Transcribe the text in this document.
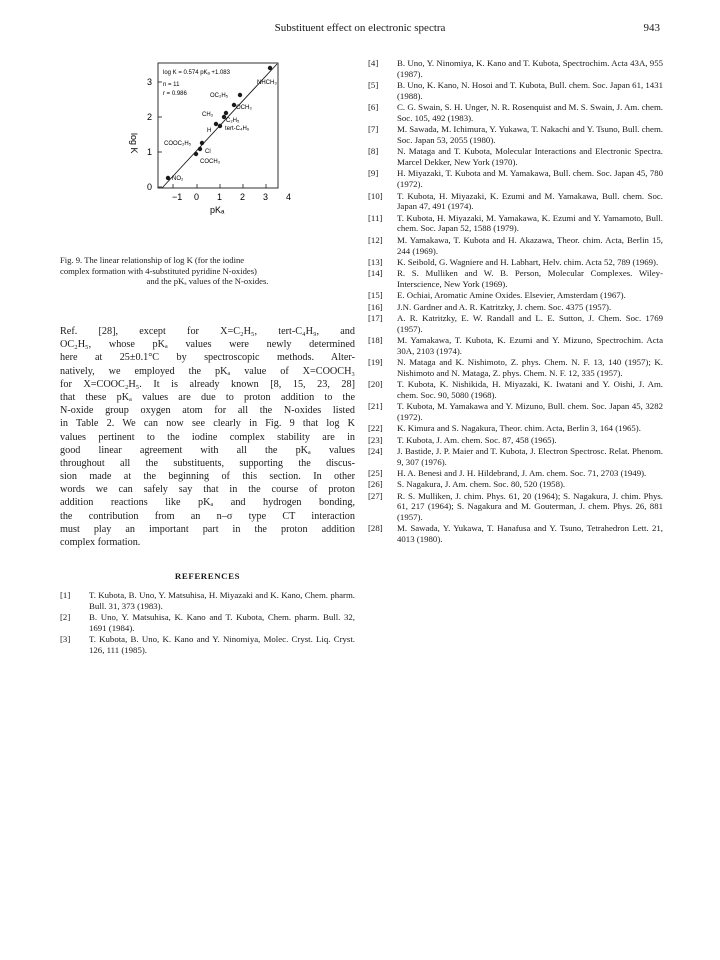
Substituent effect on electronic spectra	943
3
2
1
0
log K
−1 0 1 2 3 4
pKₐ
log K = 0.574 pKₐ +1.083
n = 11
r = 0.986
NHCH₃
OC₂H₅
OCH₃
CH₃
C₂H₅
H tert-C₄H₉
COOC₂H₅
Cl
COCH₃
NO₂
Fig. 9. The linear relationship of log K (for the iodine
complex formation with 4-substituted pyridine N-oxides)
and the pKₐ values of the N-oxides.

Ref. [28], except for X=C₂H₅, tert-C₄H₉, and
OC₂H₅, whose pKₐ values were newly determined
here at 25±0.1°C by spectroscopic methods. Alter-
natively, we employed the pKₐ value of X=COOCH₃
for X=COOC₂H₅. It is already known [8, 15, 23, 28]
that these pKₐ values are due to proton addition to the
N-oxide group oxygen atom for all the N-oxides listed
in Table 2. We can now see clearly in Fig. 9 that log K
values pertinent to the iodine complex stability are in
good linear agreement with all the pKₐ values
throughout all the substituents, supporting the discus-
sion made at the beginning of this section. In other
words we can safely say that in the course of proton
addition reactions like pKₐ and hydrogen bonding,
the contribution from an n–σ type CT interaction
must play an important part in the proton addition
complex formation.

REFERENCES
[1] T. Kubota, B. Uno, Y. Matsuhisa, H. Miyazaki and K. Kano, Chem. pharm. Bull. 31, 373 (1983).
[2] B. Uno, Y. Matsuhisa, K. Kano and T. Kubota, Chem. pharm. Bull. 32, 1691 (1984).
[3] T. Kubota, B. Uno, K. Kano and Y. Ninomiya, Molec. Cryst. Liq. Cryst. 126, 111 (1985).
[4] B. Uno, Y. Ninomiya, K. Kano and T. Kubota, Spectrochim. Acta 43A, 955 (1987).
[5] B. Uno, K. Kano, N. Hosoi and T. Kubota, Bull. chem. Soc. Japan 61, 1431 (1988).
[6] C. G. Swain, S. H. Unger, N. R. Rosenquist and M. S. Swain, J. Am. chem. Soc. 105, 492 (1983).
[7] M. Sawada, M. Ichimura, Y. Yukawa, T. Nakachi and Y. Tsuno, Bull. chem. Soc. Japan 53, 2055 (1980).
[8] N. Mataga and T. Kubota, Molecular Interactions and Electronic Spectra. Marcel Dekker, New York (1970).
[9] H. Miyazaki, T. Kubota and M. Yamakawa, Bull. chem. Soc. Japan 45, 780 (1972).
[10] T. Kubota, H. Miyazaki, K. Ezumi and M. Yamakawa, Bull. chem. Soc. Japan 47, 491 (1974).
[11] T. Kubota, H. Miyazaki, M. Yamakawa, K. Ezumi and Y. Yamamoto, Bull. chem. Soc. Japan 52, 1588 (1979).
[12] M. Yamakawa, T. Kubota and H. Akazawa, Theor. chim. Acta, Berlin 15, 244 (1969).
[13] K. Seibold, G. Wagniere and H. Labhart, Helv. chim. Acta 52, 789 (1969).
[14] R. S. Mulliken and W. B. Person, Molecular Complexes. Wiley-Interscience, New York (1969).
[15] E. Ochiai, Aromatic Amine Oxides. Elsevier, Amsterdam (1967).
[16] J.N. Gardner and A. R. Katritzky, J. chem. Soc. 4375 (1957).
[17] A. R. Katritzky, E. W. Randall and L. E. Sutton, J. Chem. Soc. 1769 (1957).
[18] M. Yamakawa, T. Kubota, K. Ezumi and Y. Mizuno, Spectrochim. Acta 30A, 2103 (1974).
[19] N. Mataga and K. Nishimoto, Z. phys. Chem. N. F. 13, 140 (1957); K. Nishimoto and N. Mataga, Z. phys. Chem. N. F. 12, 335 (1957).
[20] T. Kubota, K. Nishikida, H. Miyazaki, K. Iwatani and Y. Oishi, J. Am. chem. Soc. 90, 5080 (1968).
[21] T. Kubota, M. Yamakawa and Y. Mizuno, Bull. chem. Soc. Japan 45, 3282 (1972).
[22] K. Kimura and S. Nagakura, Theor. chim. Acta, Berlin 3, 164 (1965).
[23] T. Kubota, J. Am. chem. Soc. 87, 458 (1965).
[24] J. Bastide, J. P. Maier and T. Kubota, J. Electron Spectrosc. Relat. Phenom. 9, 307 (1976).
[25] H. A. Benesi and J. H. Hildebrand, J. Am. chem. Soc. 71, 2703 (1949).
[26] S. Nagakura, J. Am. chem. Soc. 80, 520 (1958).
[27] R. S. Mulliken, J. chim. Phys. 61, 20 (1964); S. Nagakura, J. chim. Phys. 61, 217 (1964); S. Nagakura and M. Gouterman, J. chem. Phys. 26, 881 (1957).
[28] M. Sawada, Y. Yukawa, T. Hanafusa and Y. Tsuno, Tetrahedron Lett. 21, 4013 (1980).
